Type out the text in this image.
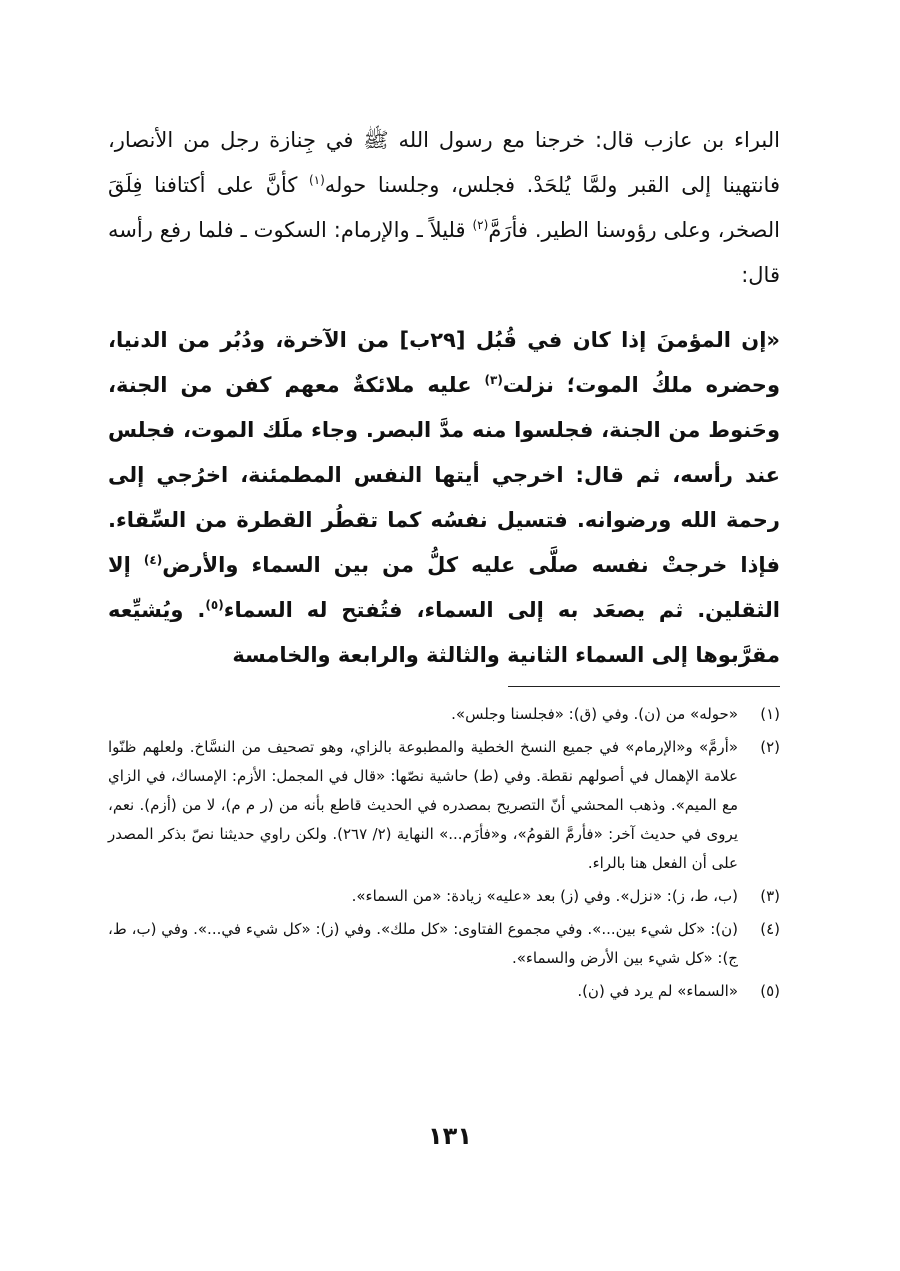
البراء بن عازب قال: خرجنا مع رسول الله ﷺ في جِنازة رجل من الأنصار، فانتهينا إلى القبر ولمَّا يُلحَدْ. فجلس، وجلسنا حوله$^{(١)}$ كأنَّ على أكتافنا فِلَقَ الصخر، وعلى رؤوسنا الطير. فأرَمَّ$^{(٢)}$ قليلاً ـ والإرمام: السكوت ـ فلما رفع رأسه قال:

«إن المؤمنَ إذا كان في قُبُل [٢٩ب] من الآخرة، ودُبُر من الدنيا، وحضره ملكُ الموت؛ نزلت$^{(٣)}$ عليه ملائكةٌ معهم كفن من الجنة، وحَنوط من الجنة، فجلسوا منه مدَّ البصر. وجاء ملَك الموت، فجلس عند رأسه، ثم قال: اخرجي أيتها النفس المطمئنة، اخرُجي إلى رحمة الله ورضوانه. فتسيل نفسُه كما تقطُر القطرة من السِّقاء. فإذا خرجتْ نفسه صلَّى عليه كلُّ من بين السماء والأرض$^{(٤)}$ إلا الثقلين. ثم يصعَد به إلى السماء، فتُفتح له السماء$^{(٥)}$. ويُشيِّعه مقرَّبوها إلى السماء الثانية والثالثة والرابعة والخامسة

(١)
«حوله» من (ن). وفي (ق): «فجلسنا وجلس».
(٢)
«أرمَّ» و«الإرمام» في جميع النسخ الخطية والمطبوعة بالزاي، وهو تصحيف من النسَّاخ. ولعلهم ظنّوا علامة الإهمال في أصولهم نقطة. وفي (ط) حاشية نصّها: «قال في المجمل: الأزم: الإمساك، في الزاي مع الميم». وذهب المحشي أنّ التصريح بمصدره في الحديث قاطع بأنه من (ر م م)، لا من (أزم). نعم، يروى في حديث آخر: «فأرمَّ القومُ»، و«فأزَم...» النهاية (٢/ ٢٦٧). ولكن راوي حديثنا نصّ بذكر المصدر على أن الفعل هنا بالراء.
(٣)
(ب، ط، ز): «نزل». وفي (ز) بعد «عليه» زيادة: «من السماء».
(٤)
(ن): «كل شيء بين...». وفي مجموع الفتاوى: «كل ملك». وفي (ز): «كل شيء في...». وفي (ب، ط، ج): «كل شيء بين الأرض والسماء».
(٥)
«السماء» لم يرد في (ن).
١٣١
